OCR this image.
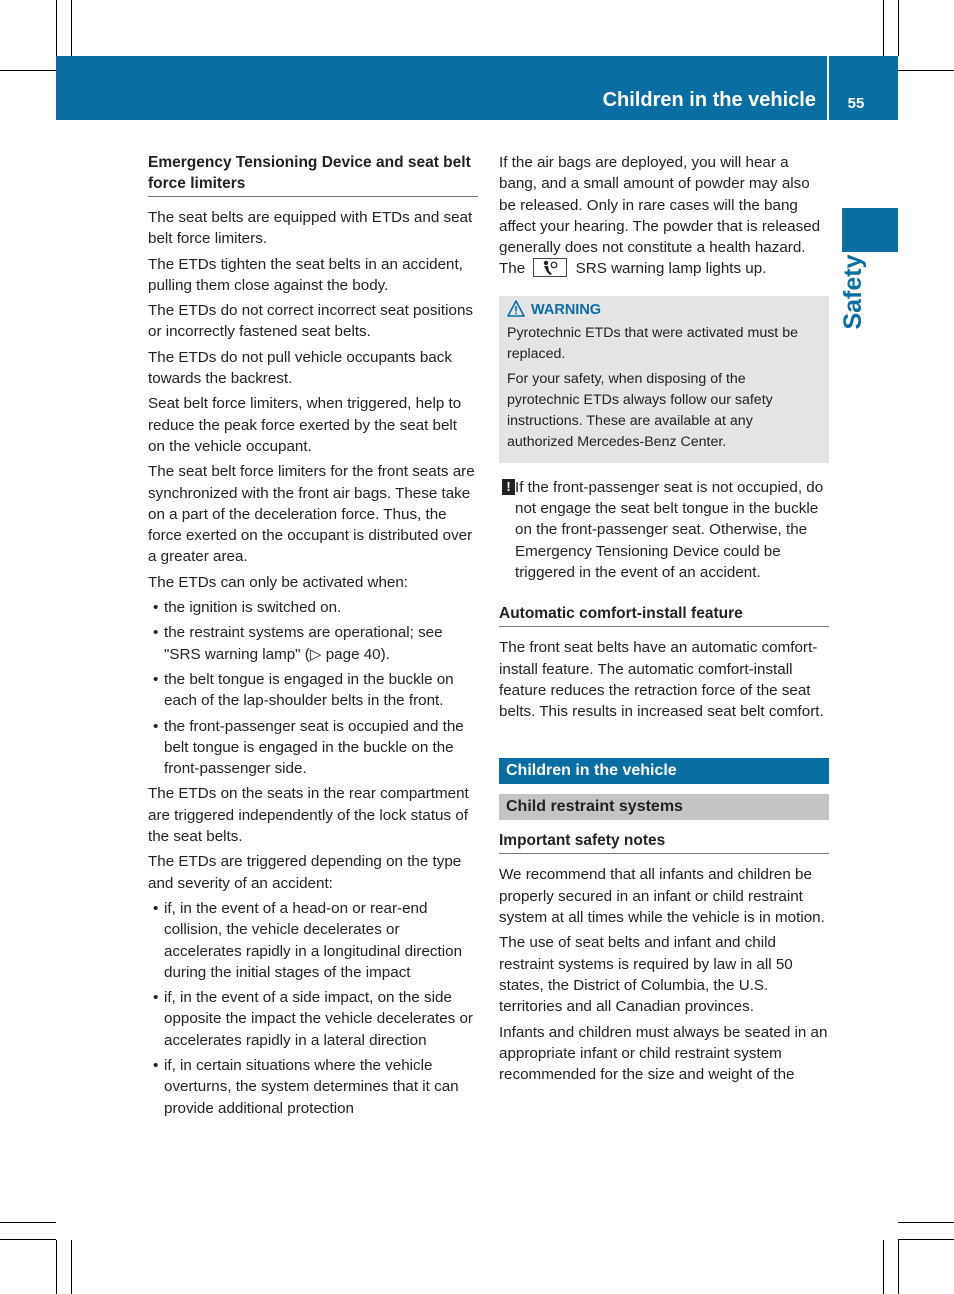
Children in the vehicle	55
Safety
Emergency Tensioning Device and seat belt force limiters

The seat belts are equipped with ETDs and seat belt force limiters.

The ETDs tighten the seat belts in an accident, pulling them close against the body.

The ETDs do not correct incorrect seat positions or incorrectly fastened seat belts.

The ETDs do not pull vehicle occupants back towards the backrest.

Seat belt force limiters, when triggered, help to reduce the peak force exerted by the seat belt on the vehicle occupant.

The seat belt force limiters for the front seats are synchronized with the front air bags. These take on a part of the deceleration force. Thus, the force exerted on the occupant is distributed over a greater area.

The ETDs can only be activated when:

• the ignition is switched on.
• the restraint systems are operational; see "SRS warning lamp" (▷ page 40).
• the belt tongue is engaged in the buckle on each of the lap-shoulder belts in the front.
• the front-passenger seat is occupied and the belt tongue is engaged in the buckle on the front-passenger side.

The ETDs on the seats in the rear compartment are triggered independently of the lock status of the seat belts.

The ETDs are triggered depending on the type and severity of an accident:

• if, in the event of a head-on or rear-end collision, the vehicle decelerates or accelerates rapidly in a longitudinal direction during the initial stages of the impact
• if, in the event of a side impact, on the side opposite the impact the vehicle decelerates or accelerates rapidly in a lateral direction
• if, in certain situations where the vehicle overturns, the system determines that it can provide additional protection

If the air bags are deployed, you will hear a bang, and a small amount of powder may also be released. Only in rare cases will the bang affect your hearing. The powder that is released generally does not constitute a health hazard. The	SRS warning lamp lights up.

WARNING

Pyrotechnic ETDs that were activated must be replaced.

For your safety, when disposing of the pyrotechnic ETDs always follow our safety instructions. These are available at any authorized Mercedes-Benz Center.

! If the front-passenger seat is not occupied, do not engage the seat belt tongue in the buckle on the front-passenger seat. Otherwise, the Emergency Tensioning Device could be triggered in the event of an accident.
Automatic comfort-install feature

The front seat belts have an automatic comfort-install feature. The automatic comfort-install feature reduces the retraction force of the seat belts. This results in increased seat belt comfort.

Children in the vehicle
Child restraint systems
Important safety notes

We recommend that all infants and children be properly secured in an infant or child restraint system at all times while the vehicle is in motion.

The use of seat belts and infant and child restraint systems is required by law in all 50 states, the District of Columbia, the U.S. territories and all Canadian provinces.

Infants and children must always be seated in an appropriate infant or child restraint system recommended for the size and weight of the
